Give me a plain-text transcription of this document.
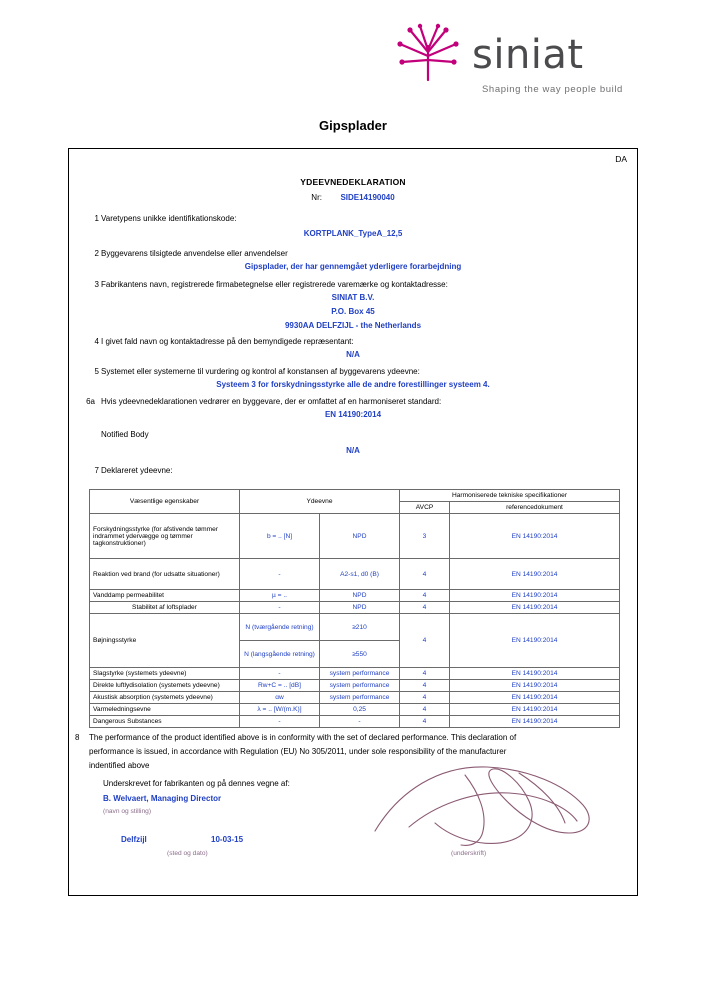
siniat
Shaping the way people build
Gipsplader
DA
YDEEVNEDEKLARATION
Nr: SIDE14190040
1 Varetypens unikke identifikationskode:
KORTPLANK_TypeA_12,5
2 Byggevarens tilsigtede anvendelse eller anvendelser
Gipsplader, der har gennemgået yderligere forarbejdning
3 Fabrikantens navn, registrerede firmabetegnelse eller registrerede varemærke og kontaktadresse:
SINIAT B.V.
P.O. Box 45
9930AA DELFZIJL - the Netherlands
4 I givet fald navn og kontaktadresse på den bemyndigede repræsentant:
N/A
5 Systemet eller systemerne til vurdering og kontrol af konstansen af byggevarens ydeevne:
Systeem 3 for forskydningsstyrke alle de andre forestillinger systeem 4.
6a Hvis ydeevnedeklarationen vedrører en byggevare, der er omfattet af en harmoniseret standard:
EN 14190:2014
Notified Body
N/A
7 Deklareret ydeevne:
Væsentlige egenskaber	Ydeevne		Harmoniserede tekniske specifikationer	
			AVCP	referencedokument
Forskydningsstyrke (for afstivende tømmer indrammet ydervægge og tømmer tagkonstruktioner)	b = .. [N]	NPD	3	EN 14190:2014
Reaktion ved brand (for udsatte situationer)	-	A2-s1, d0 (B)	4	EN 14190:2014
Vanddamp permeabilitet	µ = ..	NPD	4	EN 14190:2014
Stabilitet af loftsplader	-	NPD	4	EN 14190:2014
Bøjningsstyrke	N (tværgående retning)	≥210	4	EN 14190:2014
	N (langsgående retning)	≥550		
Slagstyrke (systemets ydeevne)	-	system performance	4	EN 14190:2014
Direkte luftlydisolation (systemets ydeevne)	Rw+C = .. [dB]	system performance	4	EN 14190:2014
Akustisk absorption (systemets ydeevne)	αw	system performance	4	EN 14190:2014
Varmeledningsevne	λ = .. [W/(m.K)]	0,25	4	EN 14190:2014
Dangerous Substances	-	-	4	EN 14190:2014
8 The performance of the product identified above is in conformity with the set of declared performance. This declaration of
performance is issued, in accordance with Regulation (EU) No 305/2011, under sole responsibility of the manufacturer
indentified above
Underskrevet for fabrikanten og på dennes vegne af:
B. Welvaert, Managing Director
(navn og stilling)
Delfzijl	10-03-15
(sted og dato)	(underskrift)
